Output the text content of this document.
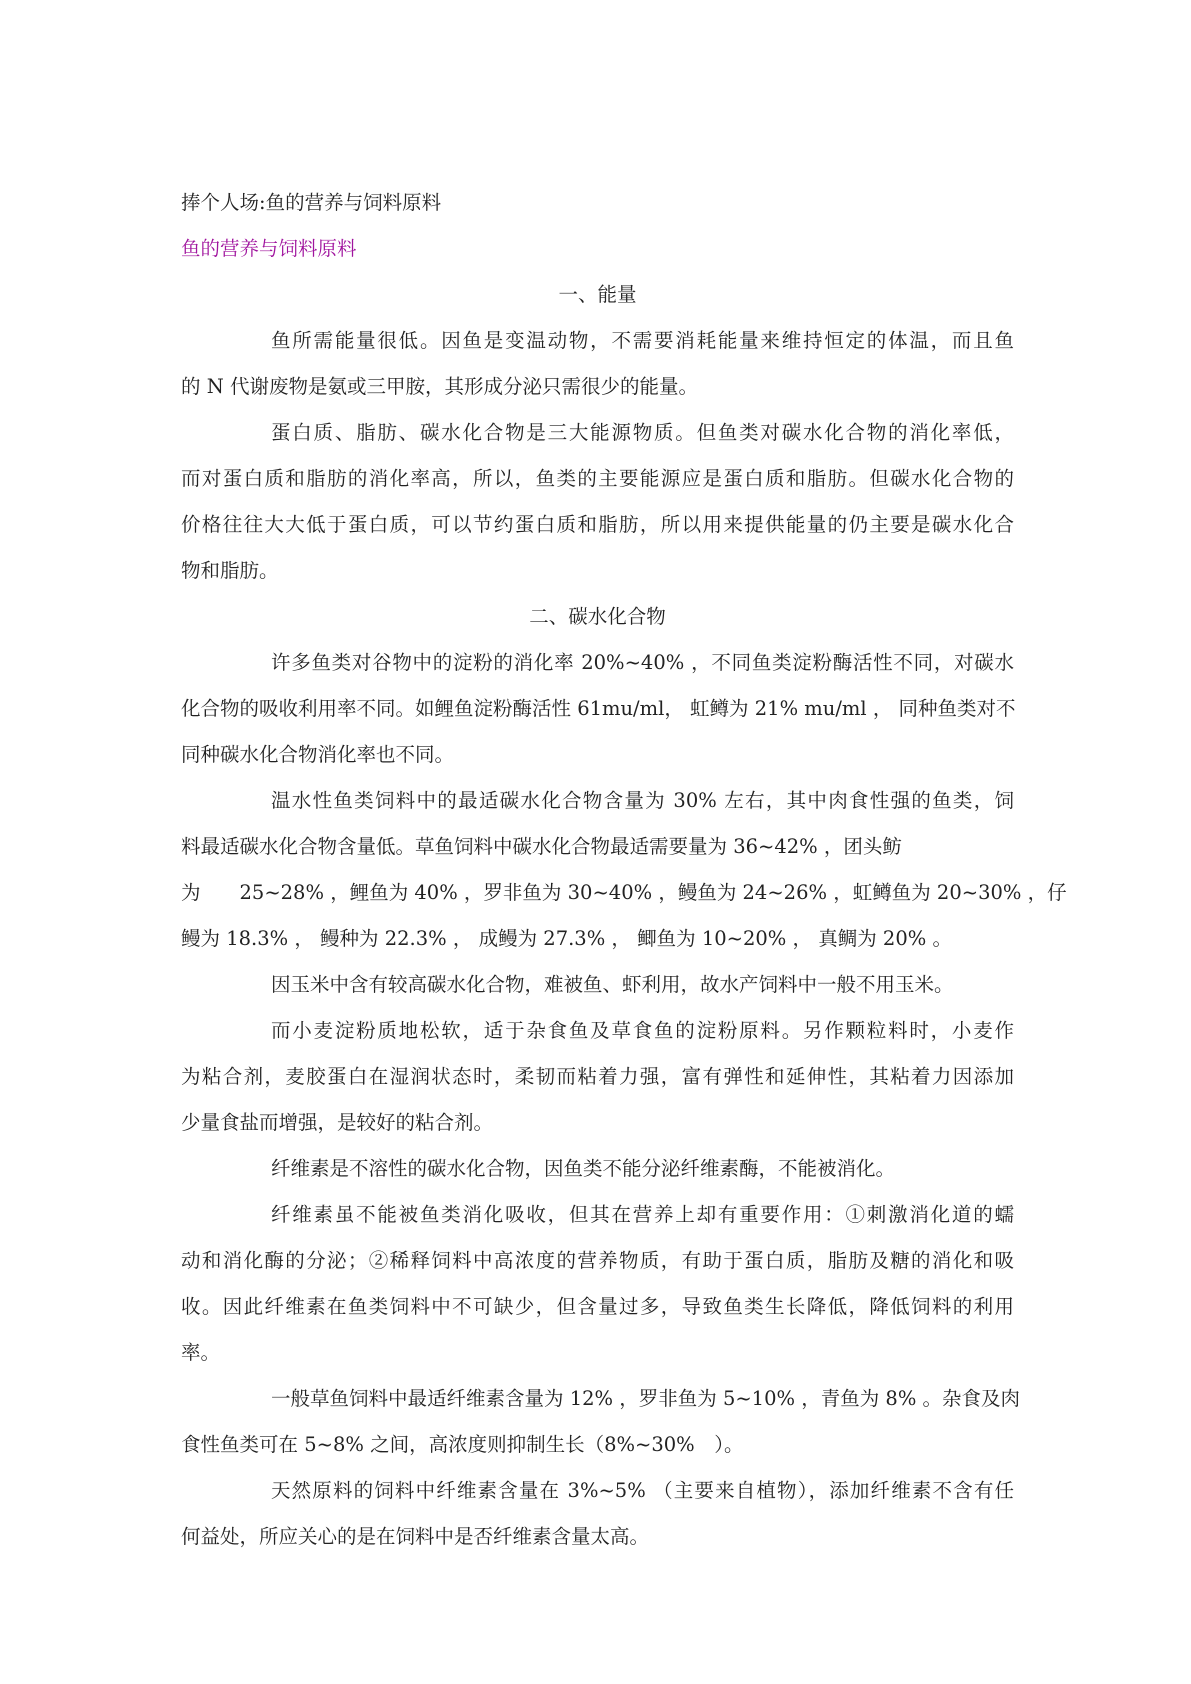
捧个人场:鱼的营养与饲料原料
鱼的营养与饲料原料
一、能量
鱼所需能量很低。因鱼是变温动物，不需要消耗能量来维持恒定的体温，而且鱼
的 N 代谢废物是氨或三甲胺，其形成分泌只需很少的能量。
蛋白质、脂肪、碳水化合物是三大能源物质。但鱼类对碳水化合物的消化率低，
而对蛋白质和脂肪的消化率高，所以，鱼类的主要能源应是蛋白质和脂肪。但碳水化合物的
价格往往大大低于蛋白质，可以节约蛋白质和脂肪，所以用来提供能量的仍主要是碳水化合
物和脂肪。
二、碳水化合物
许多鱼类对谷物中的淀粉的消化率 20%~40% ，不同鱼类淀粉酶活性不同，对碳水
化合物的吸收利用率不同。如鲤鱼淀粉酶活性 61mu/ml， 虹鳟为 21% mu/ml ， 同种鱼类对不
同种碳水化合物消化率也不同。
温水性鱼类饲料中的最适碳水化合物含量为 30% 左右，其中肉食性强的鱼类，饲
料最适碳水化合物含量低。草鱼饲料中碳水化合物最适需要量为 36~42% ，团头鲂
为　　25~28% ，鲤鱼为 40% ，罗非鱼为 30~40% ，鳗鱼为 24~26% ，虹鳟鱼为 20~30% ，仔
鳗为 18.3% ， 鳗种为 22.3% ， 成鳗为 27.3% ， 鲫鱼为 10~20% ， 真鲷为 20% 。
因玉米中含有较高碳水化合物，难被鱼、虾利用，故水产饲料中一般不用玉米。
而小麦淀粉质地松软，适于杂食鱼及草食鱼的淀粉原料。另作颗粒料时，小麦作
为粘合剂，麦胶蛋白在湿润状态时，柔韧而粘着力强，富有弹性和延伸性，其粘着力因添加
少量食盐而增强，是较好的粘合剂。
纤维素是不溶性的碳水化合物，因鱼类不能分泌纤维素酶，不能被消化。
纤维素虽不能被鱼类消化吸收，但其在营养上却有重要作用：①刺激消化道的蠕
动和消化酶的分泌；②稀释饲料中高浓度的营养物质，有助于蛋白质，脂肪及糖的消化和吸
收。因此纤维素在鱼类饲料中不可缺少，但含量过多，导致鱼类生长降低，降低饲料的利用
率。
一般草鱼饲料中最适纤维素含量为 12% ，罗非鱼为 5~10% ，青鱼为 8% 。杂食及肉
食性鱼类可在 5~8% 之间，高浓度则抑制生长（8%~30%　）。
天然原料的饲料中纤维素含量在 3%~5% （主要来自植物），添加纤维素不含有任
何益处，所应关心的是在饲料中是否纤维素含量太高。
